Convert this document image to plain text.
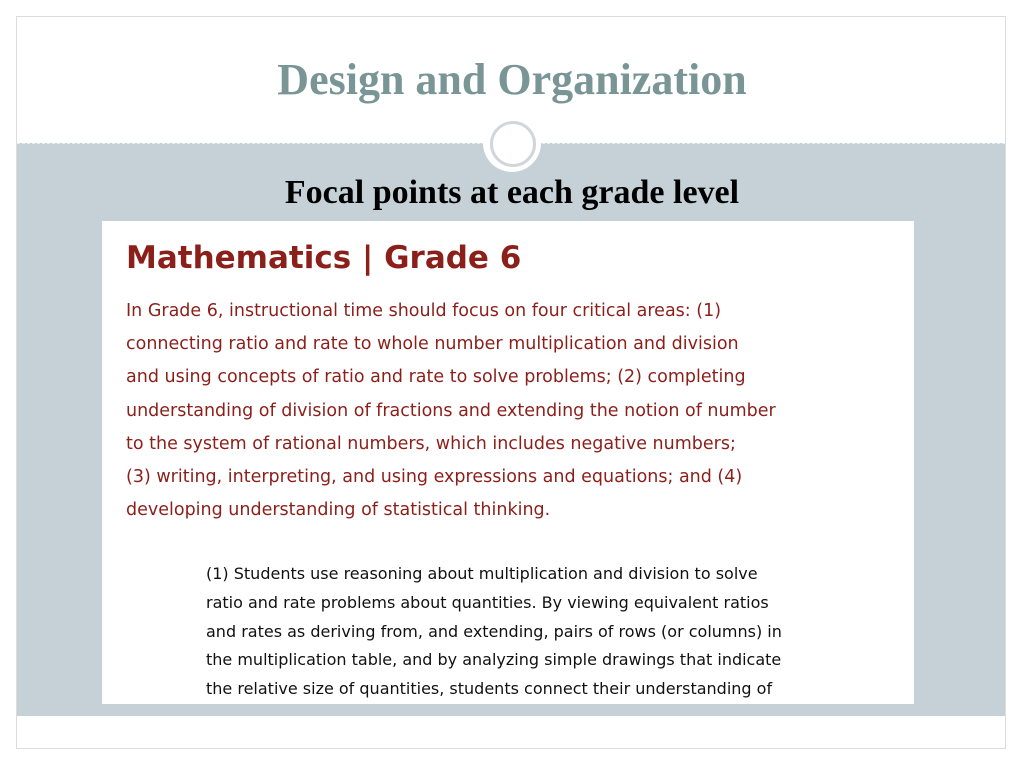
Design and Organization
Focal points at each grade level
Mathematics | Grade 6
In Grade 6, instructional time should focus on four critical areas: (1)
connecting ratio and rate to whole number multiplication and division
and using concepts of ratio and rate to solve problems; (2) completing
understanding of division of fractions and extending the notion of number
to the system of rational numbers, which includes negative numbers;
(3) writing, interpreting, and using expressions and equations; and (4)
developing understanding of statistical thinking.
(1) Students use reasoning about multiplication and division to solve
ratio and rate problems about quantities. By viewing equivalent ratios
and rates as deriving from, and extending, pairs of rows (or columns) in
the multiplication table, and by analyzing simple drawings that indicate
the relative size of quantities, students connect their understanding of
